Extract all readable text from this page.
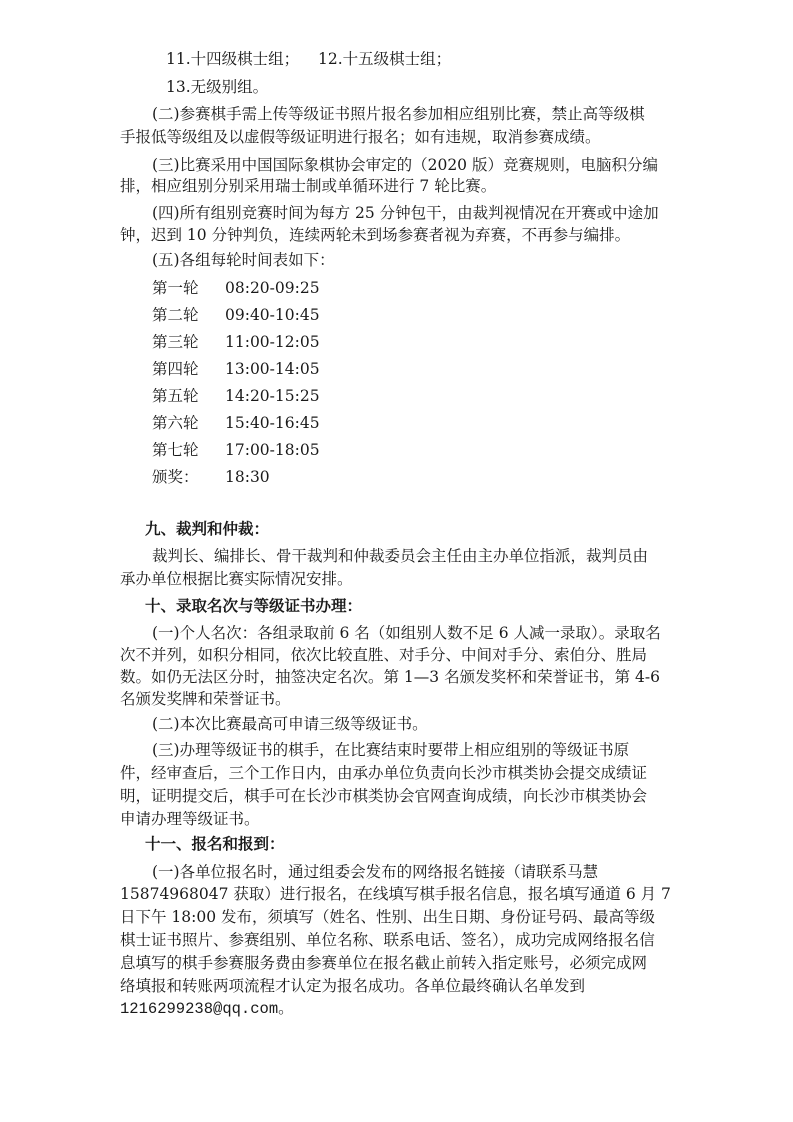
11.十四级棋士组； 12.十五级棋士组；
13.无级别组。
(二)参赛棋手需上传等级证书照片报名参加相应组别比赛，禁止高等级棋
手报低等级组及以虚假等级证明进行报名；如有违规，取消参赛成绩。
(三)比赛采用中国国际象棋协会审定的（2020 版）竞赛规则，电脑积分编
排，相应组别分别采用瑞士制或单循环进行 7 轮比赛。
(四)所有组别竞赛时间为每方 25 分钟包干，由裁判视情况在开赛或中途加
钟，迟到 10 分钟判负，连续两轮未到场参赛者视为弃赛，不再参与编排。
(五)各组每轮时间表如下：
第一轮 08:20-09:25
第二轮 09:40-10:45
第三轮 11:00-12:05
第四轮 13:00-14:05
第五轮 14:20-15:25
第六轮 15:40-16:45
第七轮 17:00-18:05
颁奖： 18:30
九、裁判和仲裁：
裁判长、编排长、骨干裁判和仲裁委员会主任由主办单位指派，裁判员由
承办单位根据比赛实际情况安排。
十、录取名次与等级证书办理：
(一)个人名次：各组录取前 6 名（如组别人数不足 6 人减一录取）。录取名
次不并列，如积分相同，依次比较直胜、对手分、中间对手分、索伯分、胜局
数。如仍无法区分时，抽签决定名次。第 1—3 名颁发奖杯和荣誉证书，第 4-6
名颁发奖牌和荣誉证书。
(二)本次比赛最高可申请三级等级证书。
(三)办理等级证书的棋手，在比赛结束时要带上相应组别的等级证书原
件，经审查后，三个工作日内，由承办单位负责向长沙市棋类协会提交成绩证
明，证明提交后，棋手可在长沙市棋类协会官网查询成绩，向长沙市棋类协会
申请办理等级证书。
十一、报名和报到：
(一)各单位报名时，通过组委会发布的网络报名链接（请联系马慧
15874968047 获取）进行报名，在线填写棋手报名信息，报名填写通道 6 月 7
日下午 18:00 发布，须填写（姓名、性别、出生日期、身份证号码、最高等级
棋士证书照片、参赛组别、单位名称、联系电话、签名），成功完成网络报名信
息填写的棋手参赛服务费由参赛单位在报名截止前转入指定账号，必须完成网
络填报和转账两项流程才认定为报名成功。各单位最终确认名单发到
1216299238@qq.com。
